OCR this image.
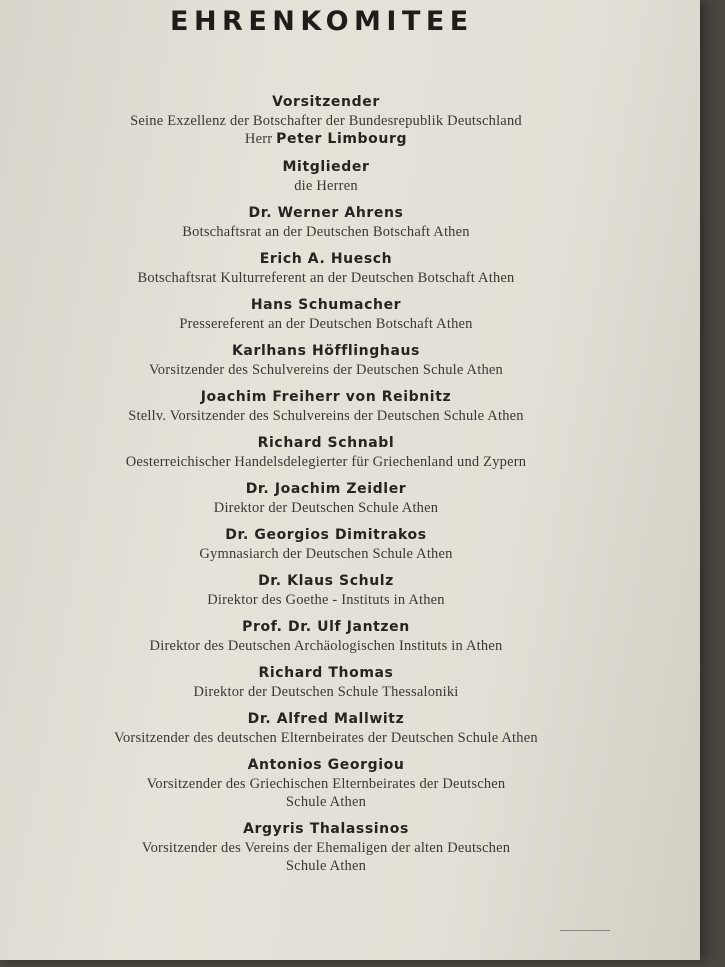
EHRENKOMITEE
Vorsitzender
Seine Exzellenz der Botschafter der Bundesrepublik Deutschland
Herr Peter Limbourg
Mitglieder
die Herren
Dr. Werner Ahrens
Botschaftsrat an der Deutschen Botschaft Athen
Erich A. Huesch
Botschaftsrat Kulturreferent an der Deutschen Botschaft Athen
Hans Schumacher
Pressereferent an der Deutschen Botschaft Athen
Karlhans Höfflinghaus
Vorsitzender des Schulvereins der Deutschen Schule Athen
Joachim Freiherr von Reibnitz
Stellv. Vorsitzender des Schulvereins der Deutschen Schule Athen
Richard Schnabl
Oesterreichischer Handelsdelegierter für Griechenland und Zypern
Dr. Joachim Zeidler
Direktor der Deutschen Schule Athen
Dr. Georgios Dimitrakos
Gymnasiarch der Deutschen Schule Athen
Dr. Klaus Schulz
Direktor des Goethe - Instituts in Athen
Prof. Dr. Ulf Jantzen
Direktor des Deutschen Archäologischen Instituts in Athen
Richard Thomas
Direktor der Deutschen Schule Thessaloniki
Dr. Alfred Mallwitz
Vorsitzender des deutschen Elternbeirates der Deutschen Schule Athen
Antonios Georgiou
Vorsitzender des Griechischen Elternbeirates der Deutschen
Schule Athen
Argyris Thalassinos
Vorsitzender des Vereins der Ehemaligen der alten Deutschen
Schule Athen
